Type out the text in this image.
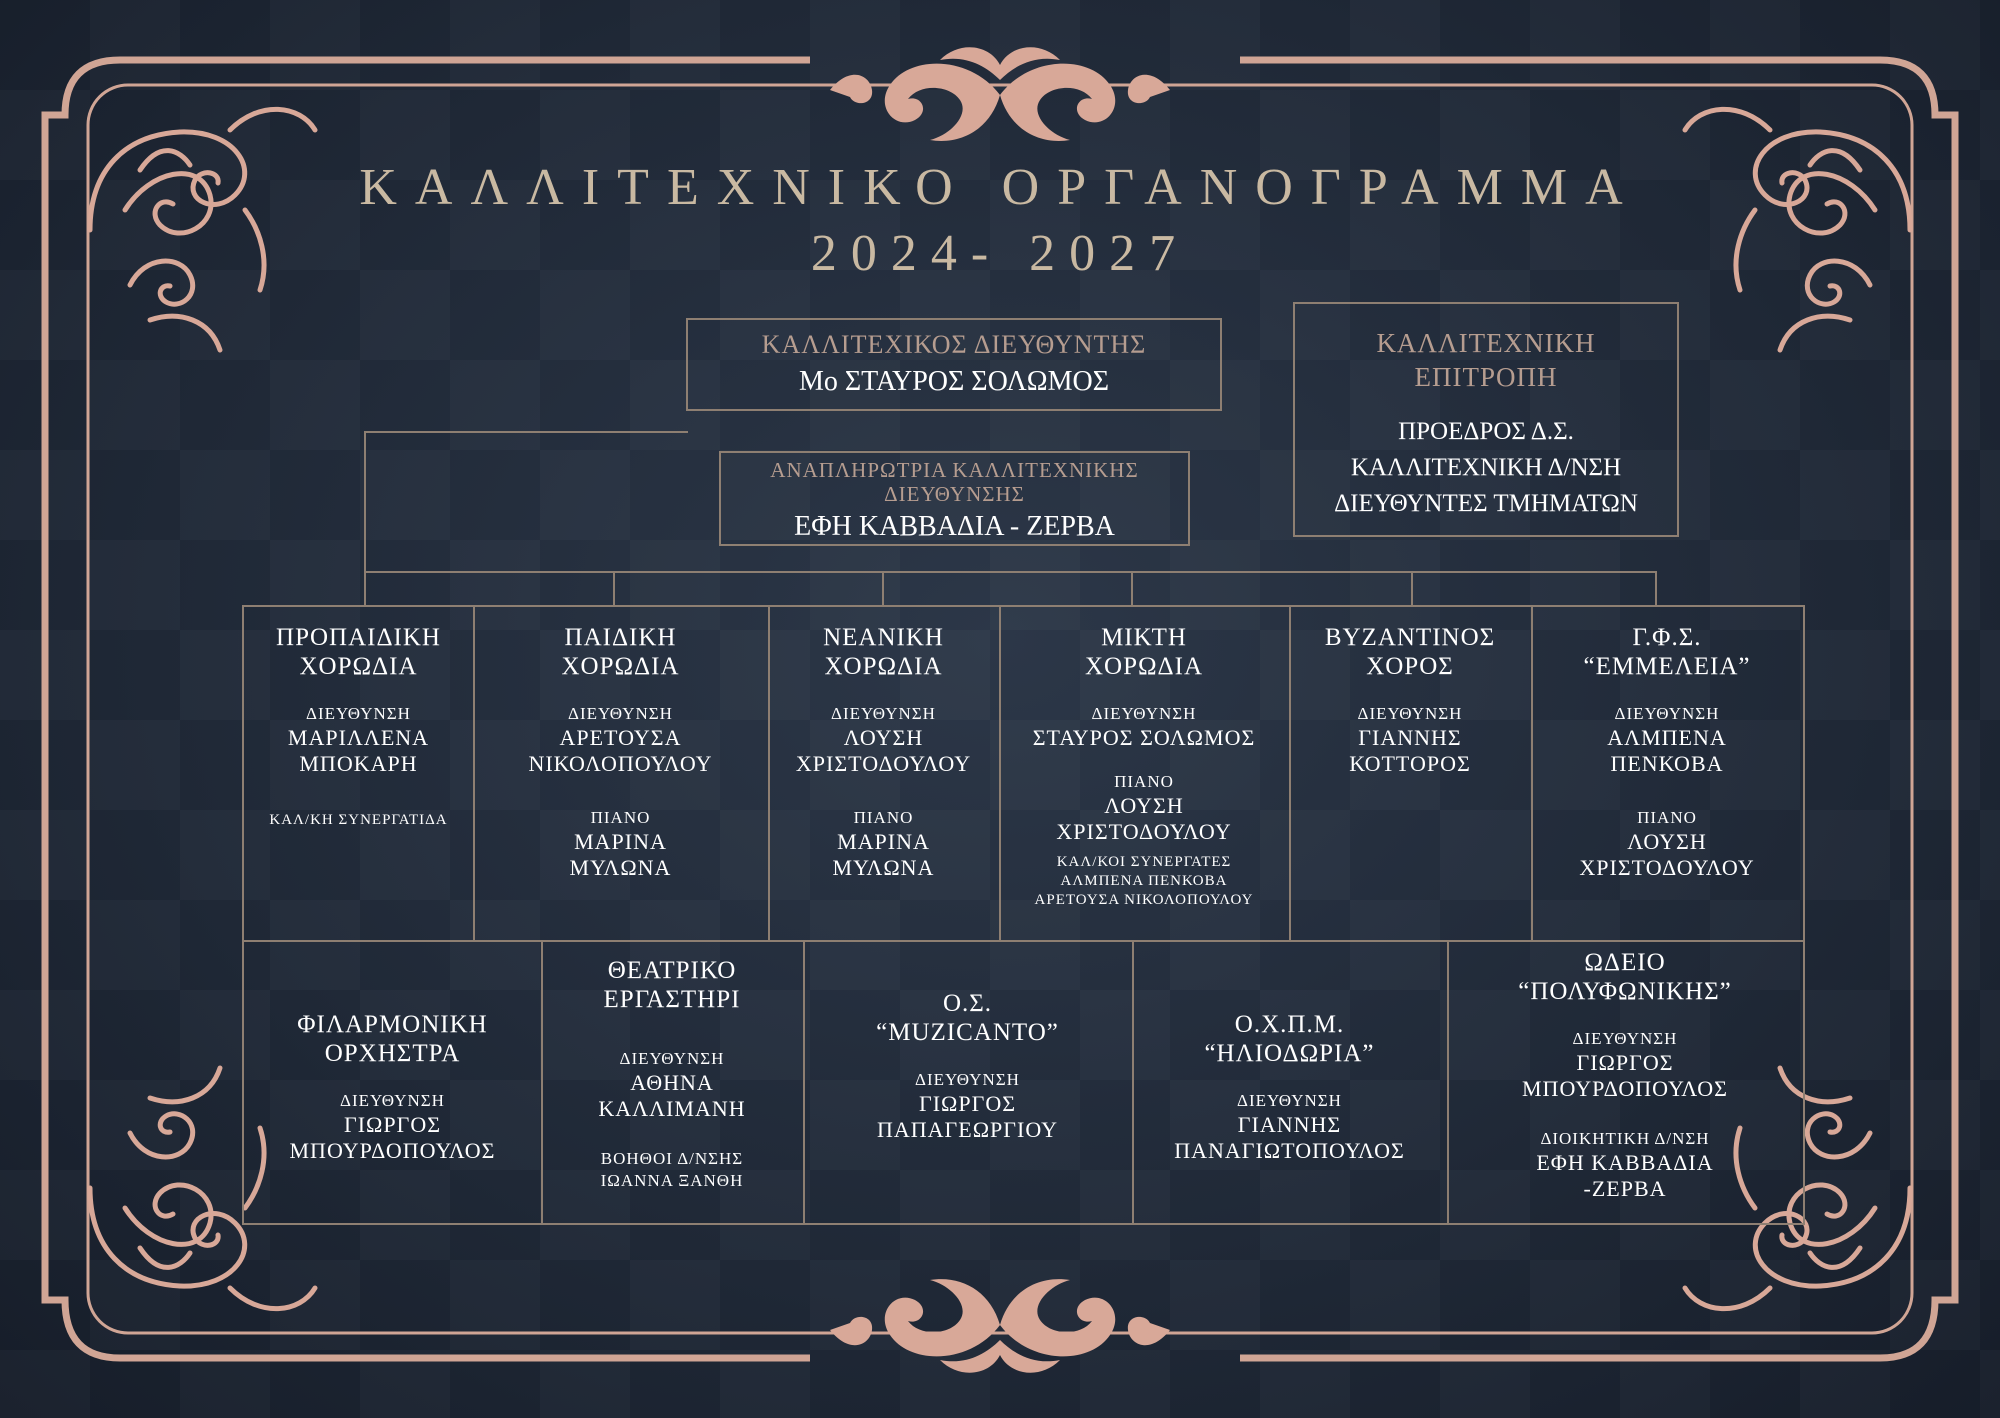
ΚΑΛΛΙΤΕΧΝΙΚΟ ΟΡΓΑΝΟΓΡΑΜΜΑ
2024- 2027
ΚΑΛΛΙΤΕΧΙΚΟΣ ΔΙΕΥΘΥΝΤΗΣ
Μο ΣΤΑΥΡΟΣ ΣΟΛΩΜΟΣ
ΑΝΑΠΛΗΡΩΤΡΙΑ ΚΑΛΛΙΤΕΧΝΙΚΗΣ
ΔΙΕΥΘΥΝΣΗΣ
ΕΦΗ ΚΑΒΒΑΔΙΑ - ΖΕΡΒΑ
ΚΑΛΛΙΤΕΧΝΙΚΗ
ΕΠΙΤΡΟΠΗ
ΠΡΟΕΔΡΟΣ Δ.Σ.
ΚΑΛΛΙΤΕΧΝΙΚΗ Δ/ΝΣΗ
ΔΙΕΥΘΥΝΤΕΣ ΤΜΗΜΑΤΩΝ
ΠΡΟΠΑΙΔΙΚΗ
ΧΟΡΩΔΙΑ
ΔΙΕΥΘΥΝΣΗ
ΜΑΡΙΛΛΕΝΑ
ΜΠΟΚΑΡΗ
ΚΑΛ/ΚΗ ΣΥΝΕΡΓΑΤΙΔΑ
ΠΑΙΔΙΚΗ
ΧΟΡΩΔΙΑ
ΔΙΕΥΘΥΝΣΗ
ΑΡΕΤΟΥΣΑ
ΝΙΚΟΛΟΠΟΥΛΟΥ
ΠΙΑΝΟ
ΜΑΡΙΝΑ
ΜΥΛΩΝΑ
ΝΕΑΝΙΚΗ
ΧΟΡΩΔΙΑ
ΔΙΕΥΘΥΝΣΗ
ΛΟΥΣΗ
ΧΡΙΣΤΟΔΟΥΛΟΥ
ΠΙΑΝΟ
ΜΑΡΙΝΑ
ΜΥΛΩΝΑ
ΜΙΚΤΗ
ΧΟΡΩΔΙΑ
ΔΙΕΥΘΥΝΣΗ
ΣΤΑΥΡΟΣ ΣΟΛΩΜΟΣ
ΠΙΑΝΟ
ΛΟΥΣΗ
ΧΡΙΣΤΟΔΟΥΛΟΥ
ΚΑΛ/ΚΟΙ ΣΥΝΕΡΓΑΤΕΣ
ΑΛΜΠΕΝΑ ΠΕΝΚΟΒΑ
ΑΡΕΤΟΥΣΑ ΝΙΚΟΛΟΠΟΥΛΟΥ
ΒΥΖΑΝΤΙΝΟΣ
ΧΟΡΟΣ
ΔΙΕΥΘΥΝΣΗ
ΓΙΑΝΝΗΣ
ΚΟΤΤΟΡΟΣ
Γ.Φ.Σ.
“ΕΜΜΕΛΕΙΑ”
ΔΙΕΥΘΥΝΣΗ
ΑΛΜΠΕΝΑ
ΠΕΝΚΟΒΑ
ΠΙΑΝΟ
ΛΟΥΣΗ
ΧΡΙΣΤΟΔΟΥΛΟΥ
ΦΙΛΑΡΜΟΝΙΚΗ
ΟΡΧΗΣΤΡΑ
ΔΙΕΥΘΥΝΣΗ
ΓΙΩΡΓΟΣ
ΜΠΟΥΡΔΟΠΟΥΛΟΣ
ΘΕΑΤΡΙΚΟ
ΕΡΓΑΣΤΗΡΙ
ΔΙΕΥΘΥΝΣΗ
ΑΘΗΝΑ
ΚΑΛΛΙΜΑΝΗ
ΒΟΗΘΟΙ Δ/ΝΣΗΣ
ΙΩΑΝΝΑ ΞΑΝΘΗ
Ο.Σ.
“MUZICANTO”
ΔΙΕΥΘΥΝΣΗ
ΓΙΩΡΓΟΣ
ΠΑΠΑΓΕΩΡΓΙΟΥ
Ο.Χ.Π.Μ.
“ΗΛΙΟΔΩΡΙΑ”
ΔΙΕΥΘΥΝΣΗ
ΓΙΑΝΝΗΣ
ΠΑΝΑΓΙΩΤΟΠΟΥΛΟΣ
ΩΔΕΙΟ
“ΠΟΛΥΦΩΝΙΚΗΣ”
ΔΙΕΥΘΥΝΣΗ
ΓΙΩΡΓΟΣ
ΜΠΟΥΡΔΟΠΟΥΛΟΣ
ΔΙΟΙΚΗΤΙΚΗ Δ/ΝΣΗ
ΕΦΗ ΚΑΒΒΑΔΙΑ
-ΖΕΡΒΑ
